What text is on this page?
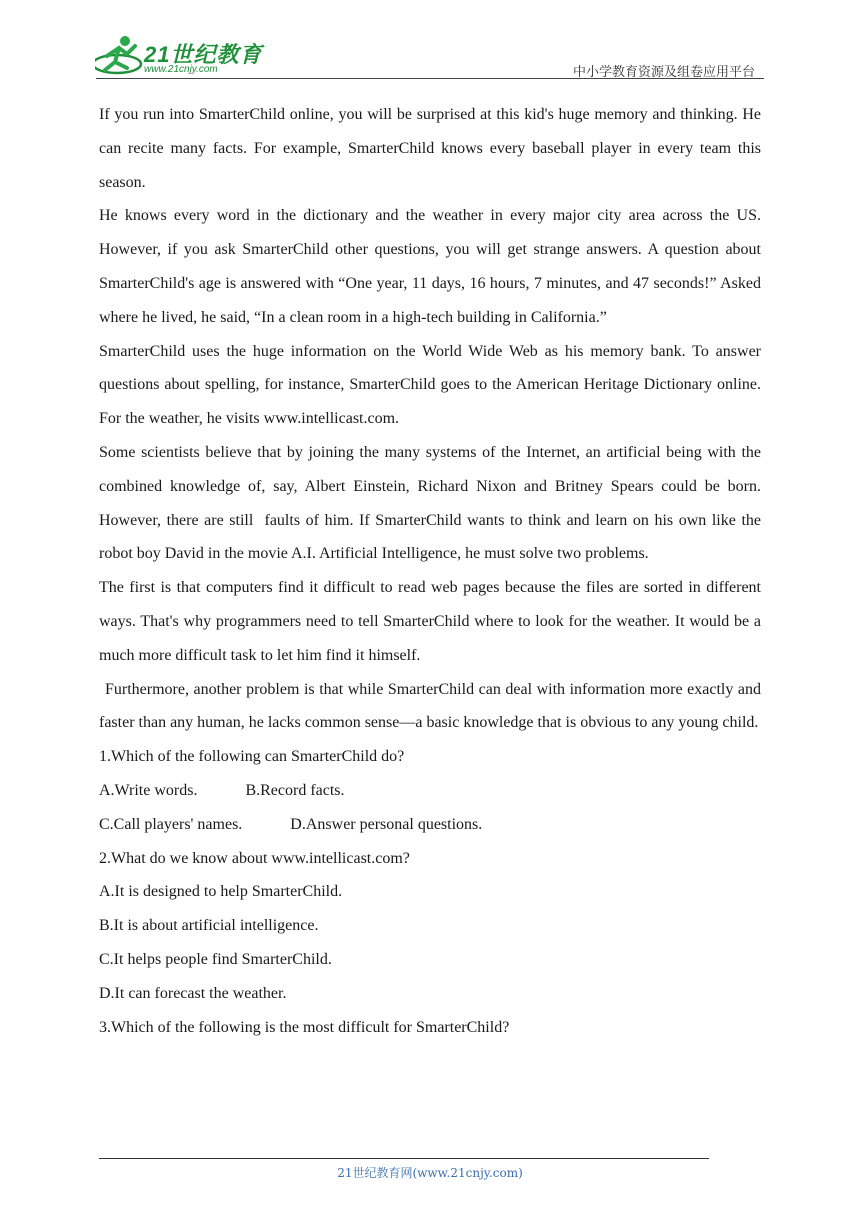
21世纪教育
www.21cnjy.com	中小学教育资源及组卷应用平台

If you run into SmarterChild online, you will be surprised at this kid's huge memory and thinking. He can recite many facts. For example, SmarterChild knows every baseball player in every team this season.

He knows every word in the dictionary and the weather in every major city area across the US. However, if you ask SmarterChild other questions, you will get strange answers. A question about SmarterChild's age is answered with “One year, 11 days, 16 hours, 7 minutes, and 47 seconds!” Asked where he lived, he said, “In a clean room in a high-tech building in California.”

SmarterChild uses the huge information on the World Wide Web as his memory bank. To answer questions about spelling, for instance, SmarterChild goes to the American Heritage Dictionary online. For the weather, he visits www.intellicast.com.

Some scientists believe that by joining the many systems of the Internet, an artificial being with the combined knowledge of, say, Albert Einstein, Richard Nixon and Britney Spears could be born. However, there are still  faults of him. If SmarterChild wants to think and learn on his own like the robot boy David in the movie A.I. Artificial Intelligence, he must solve two problems.

The first is that computers find it difficult to read web pages because the files are sorted in different ways. That's why programmers need to tell SmarterChild where to look for the weather. It would be a much more difficult task to let him find it himself.

Furthermore, another problem is that while SmarterChild can deal with information more exactly and faster than any human, he lacks common sense—a basic knowledge that is obvious to any young child.

1.Which of the following can SmarterChild do?

A.Write words.	B.Record facts.

C.Call players' names.	D.Answer personal questions.

2.What do we know about www.intellicast.com?

A.It is designed to help SmarterChild.

B.It is about artificial intelligence.

C.It helps people find SmarterChild.

D.It can forecast the weather.

3.Which of the following is the most difficult for SmarterChild?

21世纪教育网(www.21cnjy.com)
